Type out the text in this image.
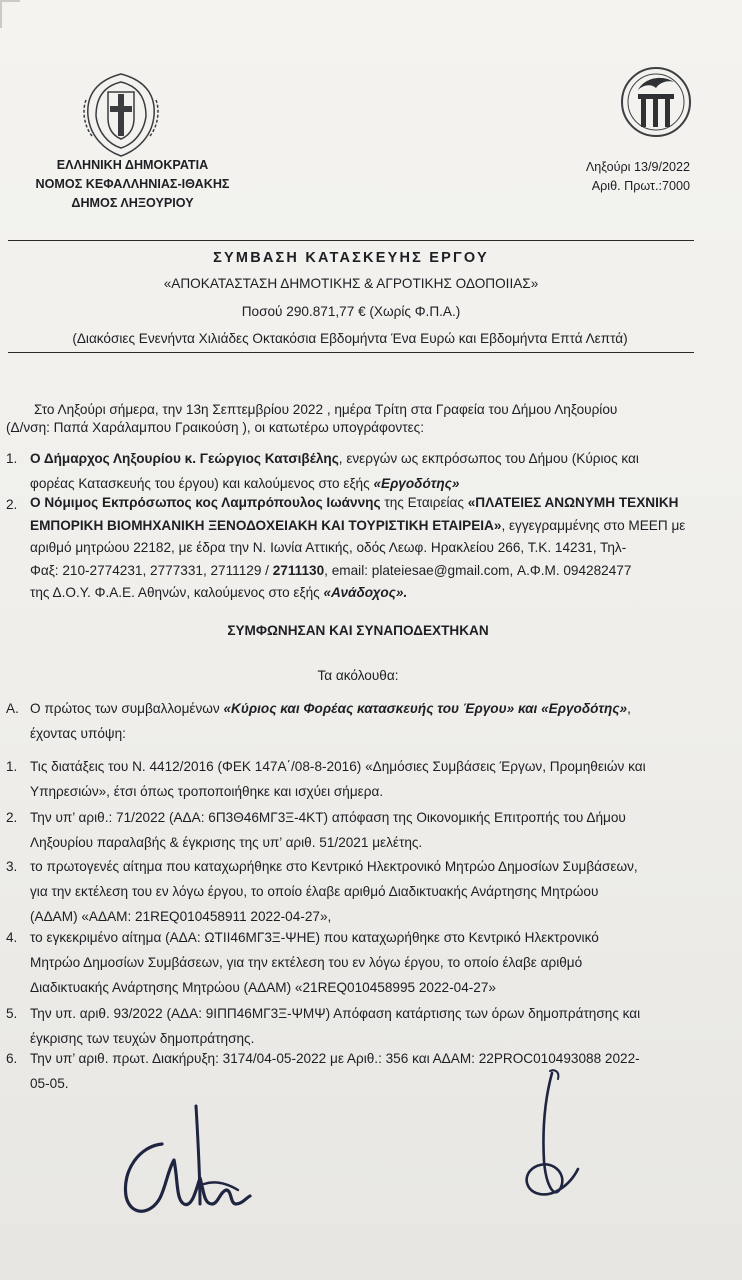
ΕΛΛΗΝΙΚΗ ΔΗΜΟΚΡΑΤΙΑ
ΝΟΜΟΣ ΚΕΦΑΛΛΗΝΙΑΣ-ΙΘΑΚΗΣ
ΔΗΜΟΣ ΛΗΞΟΥΡΙΟΥ
Ληξούρι 13/9/2022
Αριθ. Πρωτ.:7000
ΣΥΜΒΑΣΗ ΚΑΤΑΣΚΕΥΗΣ ΕΡΓΟΥ
«ΑΠΟΚΑΤΑΣΤΑΣΗ ΔΗΜΟΤΙΚΗΣ & ΑΓΡΟΤΙΚΗΣ ΟΔΟΠΟΙΙΑΣ»
Ποσού 290.871,77 € (Χωρίς Φ.Π.Α.)
(Διακόσιες Ενενήντα Χιλιάδες Οκτακόσια Εβδομήντα Ένα Ευρώ και Εβδομήντα Επτά Λεπτά)
Στο Ληξούρι σήμερα, την 13η Σεπτεμβρίου 2022 , ημέρα Τρίτη στα Γραφεία του Δήμου Ληξουρίου
(Δ/νση: Παπά Χαράλαμπου Γραικούση ), οι κατωτέρω υπογράφοντες:
1. Ο Δήμαρχος Ληξουρίου κ. Γεώργιος Κατσιβέλης, ενεργών ως εκπρόσωπος του Δήμου (Κύριος και
φορέας Κατασκευής του έργου) και καλούμενος στο εξής «Εργοδότης»
2. Ο Νόμιμος Εκπρόσωπος κος Λαμπρόπουλος Ιωάννης της Εταιρείας «ΠΛΑΤΕΙΕΣ ΑΝΩΝΥΜΗ ΤΕΧΝΙΚΗ
ΕΜΠΟΡΙΚΗ ΒΙΟΜΗΧΑΝΙΚΗ ΞΕΝΟΔΟΧΕΙΑΚΗ ΚΑΙ ΤΟΥΡΙΣΤΙΚΗ ΕΤΑΙΡΕΙΑ», εγγεγραμμένης στο ΜΕΕΠ με
αριθμό μητρώου 22182, με έδρα την Ν. Ιωνία Αττικής, οδός Λεωφ. Ηρακλείου 266, Τ.Κ. 14231, Τηλ-
Φαξ: 210-2774231, 2777331, 2711129 / 2711130, email: plateiesae@gmail.com, Α.Φ.Μ. 094282477
της Δ.Ο.Υ. Φ.Α.Ε. Αθηνών, καλούμενος στο εξής «Ανάδοχος».
ΣΥΜΦΩΝΗΣΑΝ ΚΑΙ ΣΥΝΑΠΟΔΕΧΤΗΚΑΝ
Τα ακόλουθα:
Α. Ο πρώτος των συμβαλλομένων «Κύριος και Φορέας κατασκευής του Έργου» και «Εργοδότης»,
έχοντας υπόψη:
1. Τις διατάξεις του Ν. 4412/2016 (ΦΕΚ 147Α΄/08-8-2016) «Δημόσιες Συμβάσεις Έργων, Προμηθειών και
Υπηρεσιών», έτσι όπως τροποποιήθηκε και ισχύει σήμερα.
2. Την υπ’ αριθ.: 71/2022 (ΑΔΑ: 6Π3Θ46ΜΓ3Ξ-4ΚΤ) απόφαση της Οικονομικής Επιτροπής του Δήμου
Ληξουρίου παραλαβής & έγκρισης της υπ’ αριθ. 51/2021 μελέτης.
3. το πρωτογενές αίτημα που καταχωρήθηκε στο Κεντρικό Ηλεκτρονικό Μητρώο Δημοσίων Συμβάσεων,
για την εκτέλεση του εν λόγω έργου, το οποίο έλαβε αριθμό Διαδικτυακής Ανάρτησης Μητρώου
(ΑΔΑΜ) «ΑΔΑΜ: 21REQ010458911 2022-04-27»,
4. το εγκεκριμένο αίτημα (ΑΔΑ: ΩΤΙΙ46ΜΓ3Ξ-ΨΗΕ) που καταχωρήθηκε στο Κεντρικό Ηλεκτρονικό
Μητρώο Δημοσίων Συμβάσεων, για την εκτέλεση του εν λόγω έργου, το οποίο έλαβε αριθμό
Διαδικτυακής Ανάρτησης Μητρώου (ΑΔΑΜ) «21REQ010458995 2022-04-27»
5. Την υπ. αριθ. 93/2022 (ΑΔΑ: 9ΙΠΠ46ΜΓ3Ξ-ΨΜΨ) Απόφαση κατάρτισης των όρων δημοπράτησης και
έγκρισης των τευχών δημοπράτησης.
6. Την υπ’ αριθ. πρωτ. Διακήρυξη: 3174/04-05-2022 με Αριθ.: 356 και ΑΔΑΜ: 22PROC010493088 2022-
05-05.
